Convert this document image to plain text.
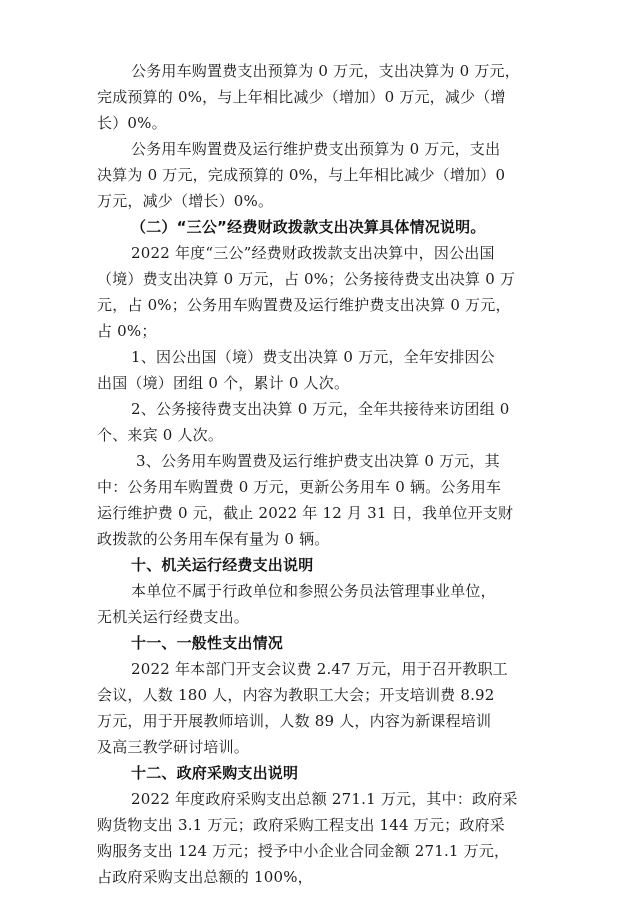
公务用车购置费支出预算为 0 万元，支出决算为 0 万元，
完成预算的 0%，与上年相比减少（增加）0 万元，减少（增
长）0%。
公务用车购置费及运行维护费支出预算为 0 万元，支出
决算为 0 万元，完成预算的 0%，与上年相比减少（增加）0
万元，减少（增长）0%。
（二）“三公”经费财政拨款支出决算具体情况说明。
2022 年度“三公”经费财政拨款支出决算中，因公出国
（境）费支出决算 0 万元，占 0%；公务接待费支出决算 0 万
元，占 0%；公务用车购置费及运行维护费支出决算 0 万元，
占 0%；
1、因公出国（境）费支出决算 0 万元，全年安排因公
出国（境）团组 0 个，累计 0 人次。
2、公务接待费支出决算 0 万元，全年共接待来访团组 0
个、来宾 0 人次。
3、公务用车购置费及运行维护费支出决算 0 万元，其
中：公务用车购置费 0 万元，更新公务用车 0 辆。公务用车
运行维护费 0 元，截止 2022 年 12 月 31 日，我单位开支财
政拨款的公务用车保有量为 0 辆。
十、机关运行经费支出说明
本单位不属于行政单位和参照公务员法管理事业单位，
无机关运行经费支出。
十一、一般性支出情况
2022 年本部门开支会议费 2.47 万元，用于召开教职工
会议，人数 180 人，内容为教职工大会；开支培训费 8.92
万元，用于开展教师培训，人数 89 人，内容为新课程培训
及高三教学研讨培训。
十二、政府采购支出说明
2022 年度政府采购支出总额 271.1 万元，其中：政府采
购货物支出 3.1 万元；政府采购工程支出 144 万元；政府采
购服务支出 124 万元；授予中小企业合同金额 271.1 万元，
占政府采购支出总额的 100%，
